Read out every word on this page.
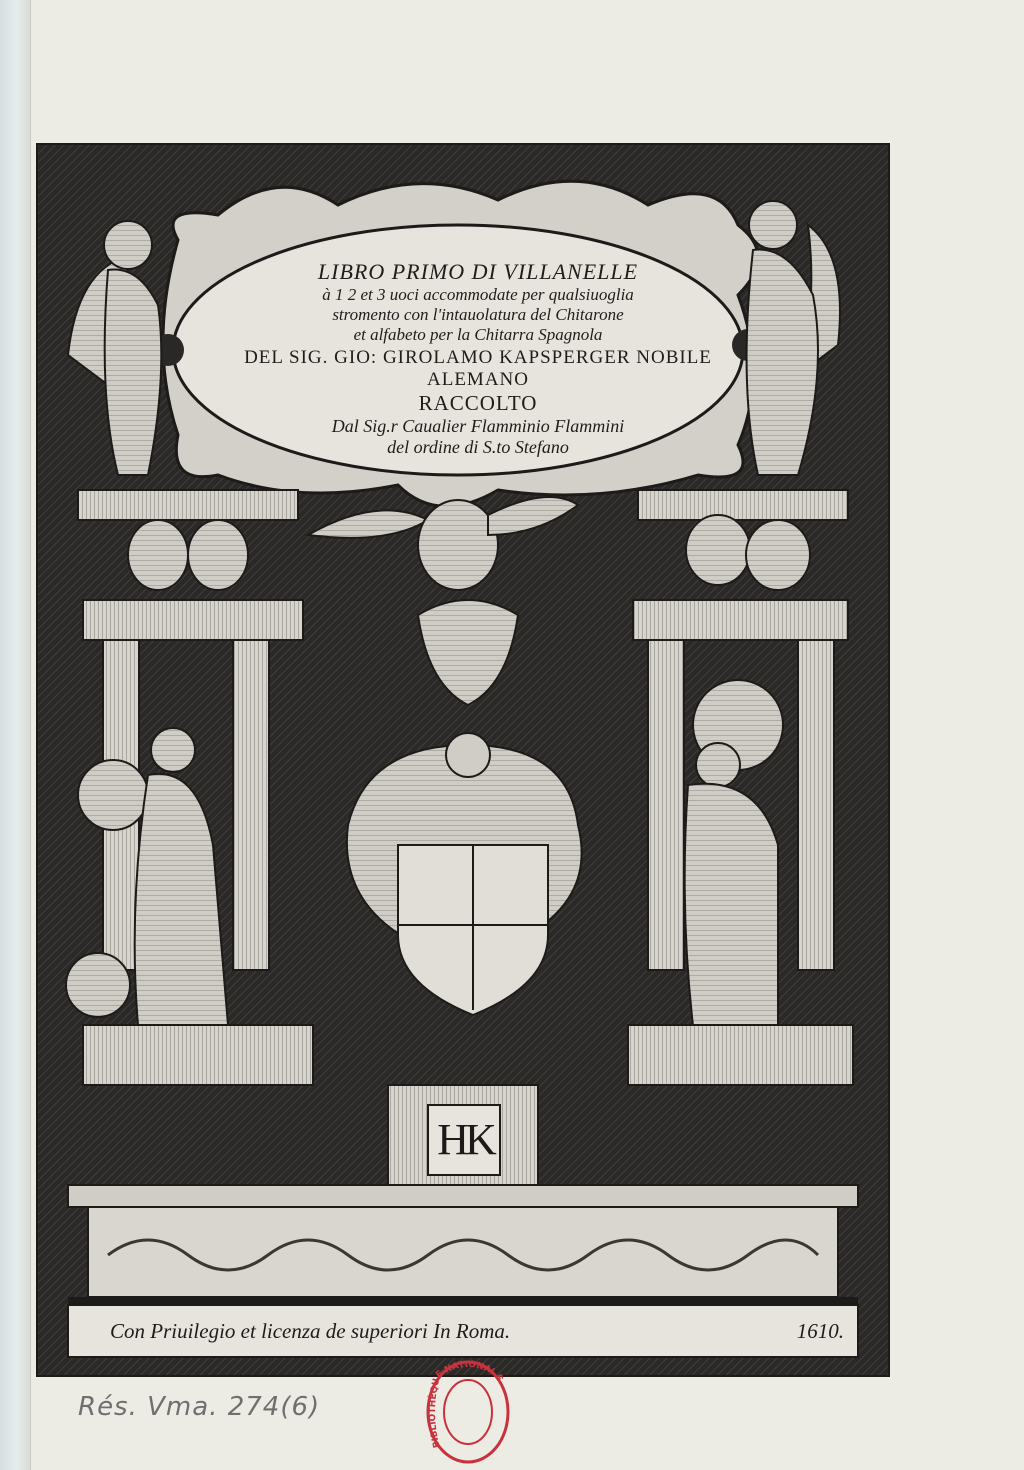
LIBRO PRIMO DI VILLANELLE
à 1 2 et 3 uoci accommodate per qualsiuoglia
stromento con l'intauolatura del Chitarone
et alfabeto per la Chitarra Spagnola
DEL SIG. GIO: GIROLAMO KAPSPERGER NOBILE ALEMANO
RACCOLTO
Dal Sig.r Caualier Flamminio Flammini
del ordine di S.to Stefano
HK
Con Priuilegio et licenza de superiori In Roma.	1610.
Rés. Vma. 274(6)
BIBLIOTHÈQUE NATIONALE
